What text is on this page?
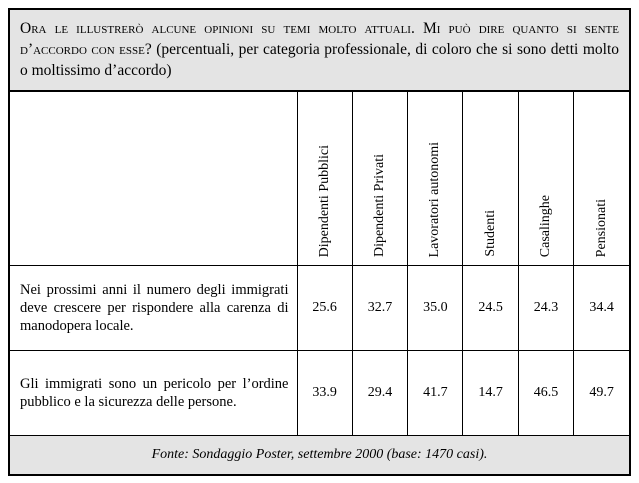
Ora le illustrerò alcune opinioni su temi molto attuali. Mi può dire quanto si sente d’accordo con esse? (percentuali, per categoria professionale, di coloro che si sono detti molto o moltissimo d’accordo)

	Dipendenti Pubblici	Dipendenti Privati	Lavoratori autonomi	Studenti	Casalinghe	Pensionati

Nei prossimi anni il numero degli immigrati deve crescere per rispondere alla carenza di manodopera locale.	25.6	32.7	35.0	24.5	24.3	34.4
Gli immigrati sono un pericolo per l’ordine pubblico e la sicurezza delle persone.	33.9	29.4	41.7	14.7	46.5	49.7
Fonte: Sondaggio Poster, settembre 2000 (base: 1470 casi).
